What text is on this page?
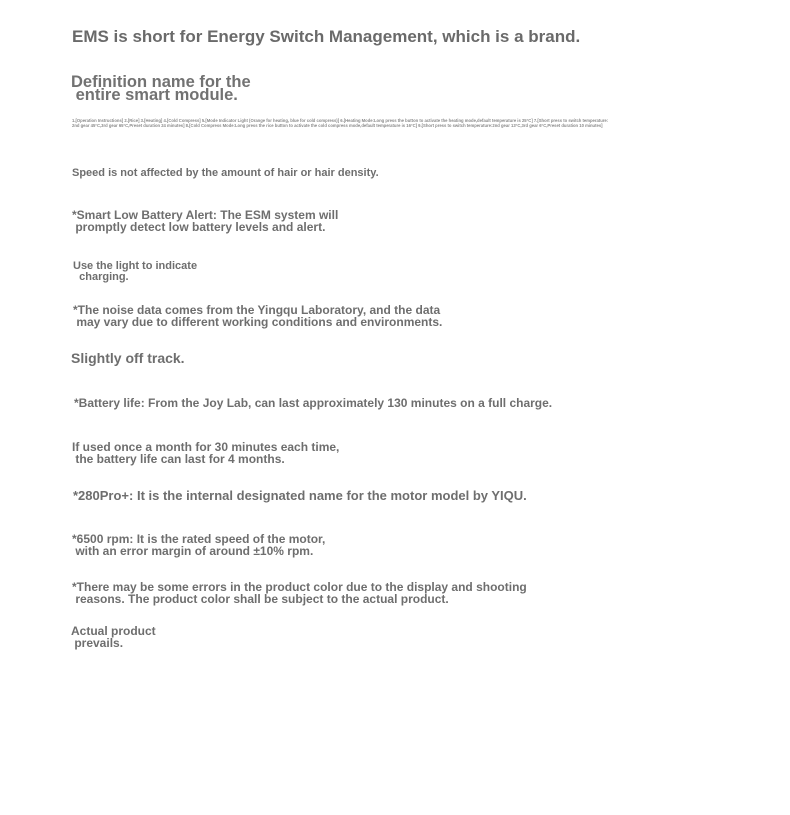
EMS is short for Energy Switch Management, which is a brand.

Definition name for the
entire smart module.
1.[Operation Instructions] 2.[Rice] 3.[Heating] 4.[Cold Compress] 5.[Mode Indicator Light (Orange for heating, blue for cold compress)] 6.[Heating Mode:Long press the button to activate the heating mode,default temperature is 25°C] 7.[Short press to switch temperature:
2nd gear 45°C,3rd gear 65°C,Preset duration 24 minutes] 8.[Cold Compress Mode:Long press the rice button to activate the cold compress mode,default temperature is 16°C] 9.[Short press to switch temperature:2nd gear 13°C,3rd gear 6°C,Preset duration 10 minutes]

Speed is not affected by the amount of hair or hair density.

*Smart Low Battery Alert: The ESM system will
promptly detect low battery levels and alert.
Use the light to indicate
charging.
*The noise data comes from the Yingqu Laboratory, and the data
may vary due to different working conditions and environments.

Slightly off track.

*Battery life: From the Joy Lab, can last approximately 130 minutes on a full charge.

If used once a month for 30 minutes each time,
the battery life can last for 4 months.

*280Pro+: It is the internal designated name for the motor model by YIQU.

*6500 rpm: It is the rated speed of the motor,
with an error margin of around ±10% rpm.
*There may be some errors in the product color due to the display and shooting
reasons. The product color shall be subject to the actual product.
Actual product
prevails.
